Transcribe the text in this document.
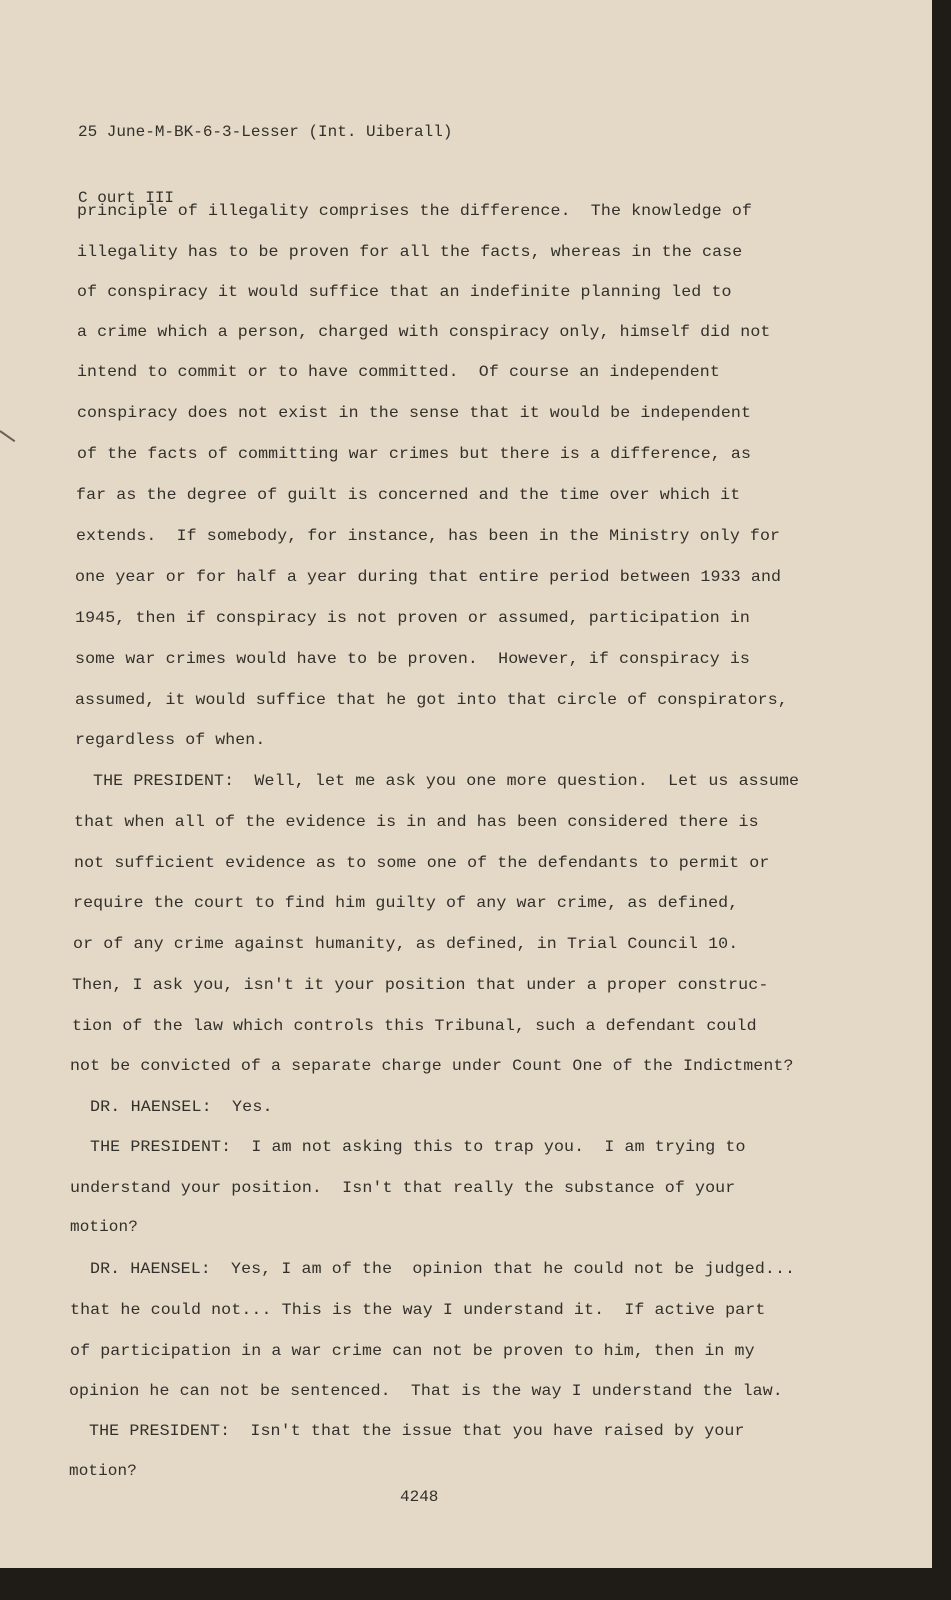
25 June-M-BK-6-3-Lesser (Int. Uiberall)

C ourt III

principle of illegality comprises the difference.  The knowledge of
illegality has to be proven for all the facts, whereas in the case
of conspiracy it would suffice that an indefinite planning led to
a crime which a person, charged with conspiracy only, himself did not
intend to commit or to have committed.  Of course an independent
conspiracy does not exist in the sense that it would be independent
of the facts of committing war crimes but there is a difference, as
far as the degree of guilt is concerned and the time over which it
extends.  If somebody, for instance, has been in the Ministry only for
one year or for half a year during that entire period between 1933 and
1945, then if conspiracy is not proven or assumed, participation in
some war crimes would have to be proven.  However, if conspiracy is
assumed, it would suffice that he got into that circle of conspirators,
regardless of when.
THE PRESIDENT:  Well, let me ask you one more question.  Let us assume
that when all of the evidence is in and has been considered there is
not sufficient evidence as to some one of the defendants to permit or
require the court to find him guilty of any war crime, as defined,
or of any crime against humanity, as defined, in Trial Council 10.
Then, I ask you, isn't it your position that under a proper construc-
tion of the law which controls this Tribunal, such a defendant could
not be convicted of a separate charge under Count One of the Indictment?
DR. HAENSEL:  Yes.
THE PRESIDENT:  I am not asking this to trap you.  I am trying to
understand your position.  Isn't that really the substance of your
motion?
DR. HAENSEL:  Yes, I am of the  opinion that he could not be judged...
that he could not... This is the way I understand it.  If active part
of participation in a war crime can not be proven to him, then in my
opinion he can not be sentenced.  That is the way I understand the law.
THE PRESIDENT:  Isn't that the issue that you have raised by your
motion?
4248
